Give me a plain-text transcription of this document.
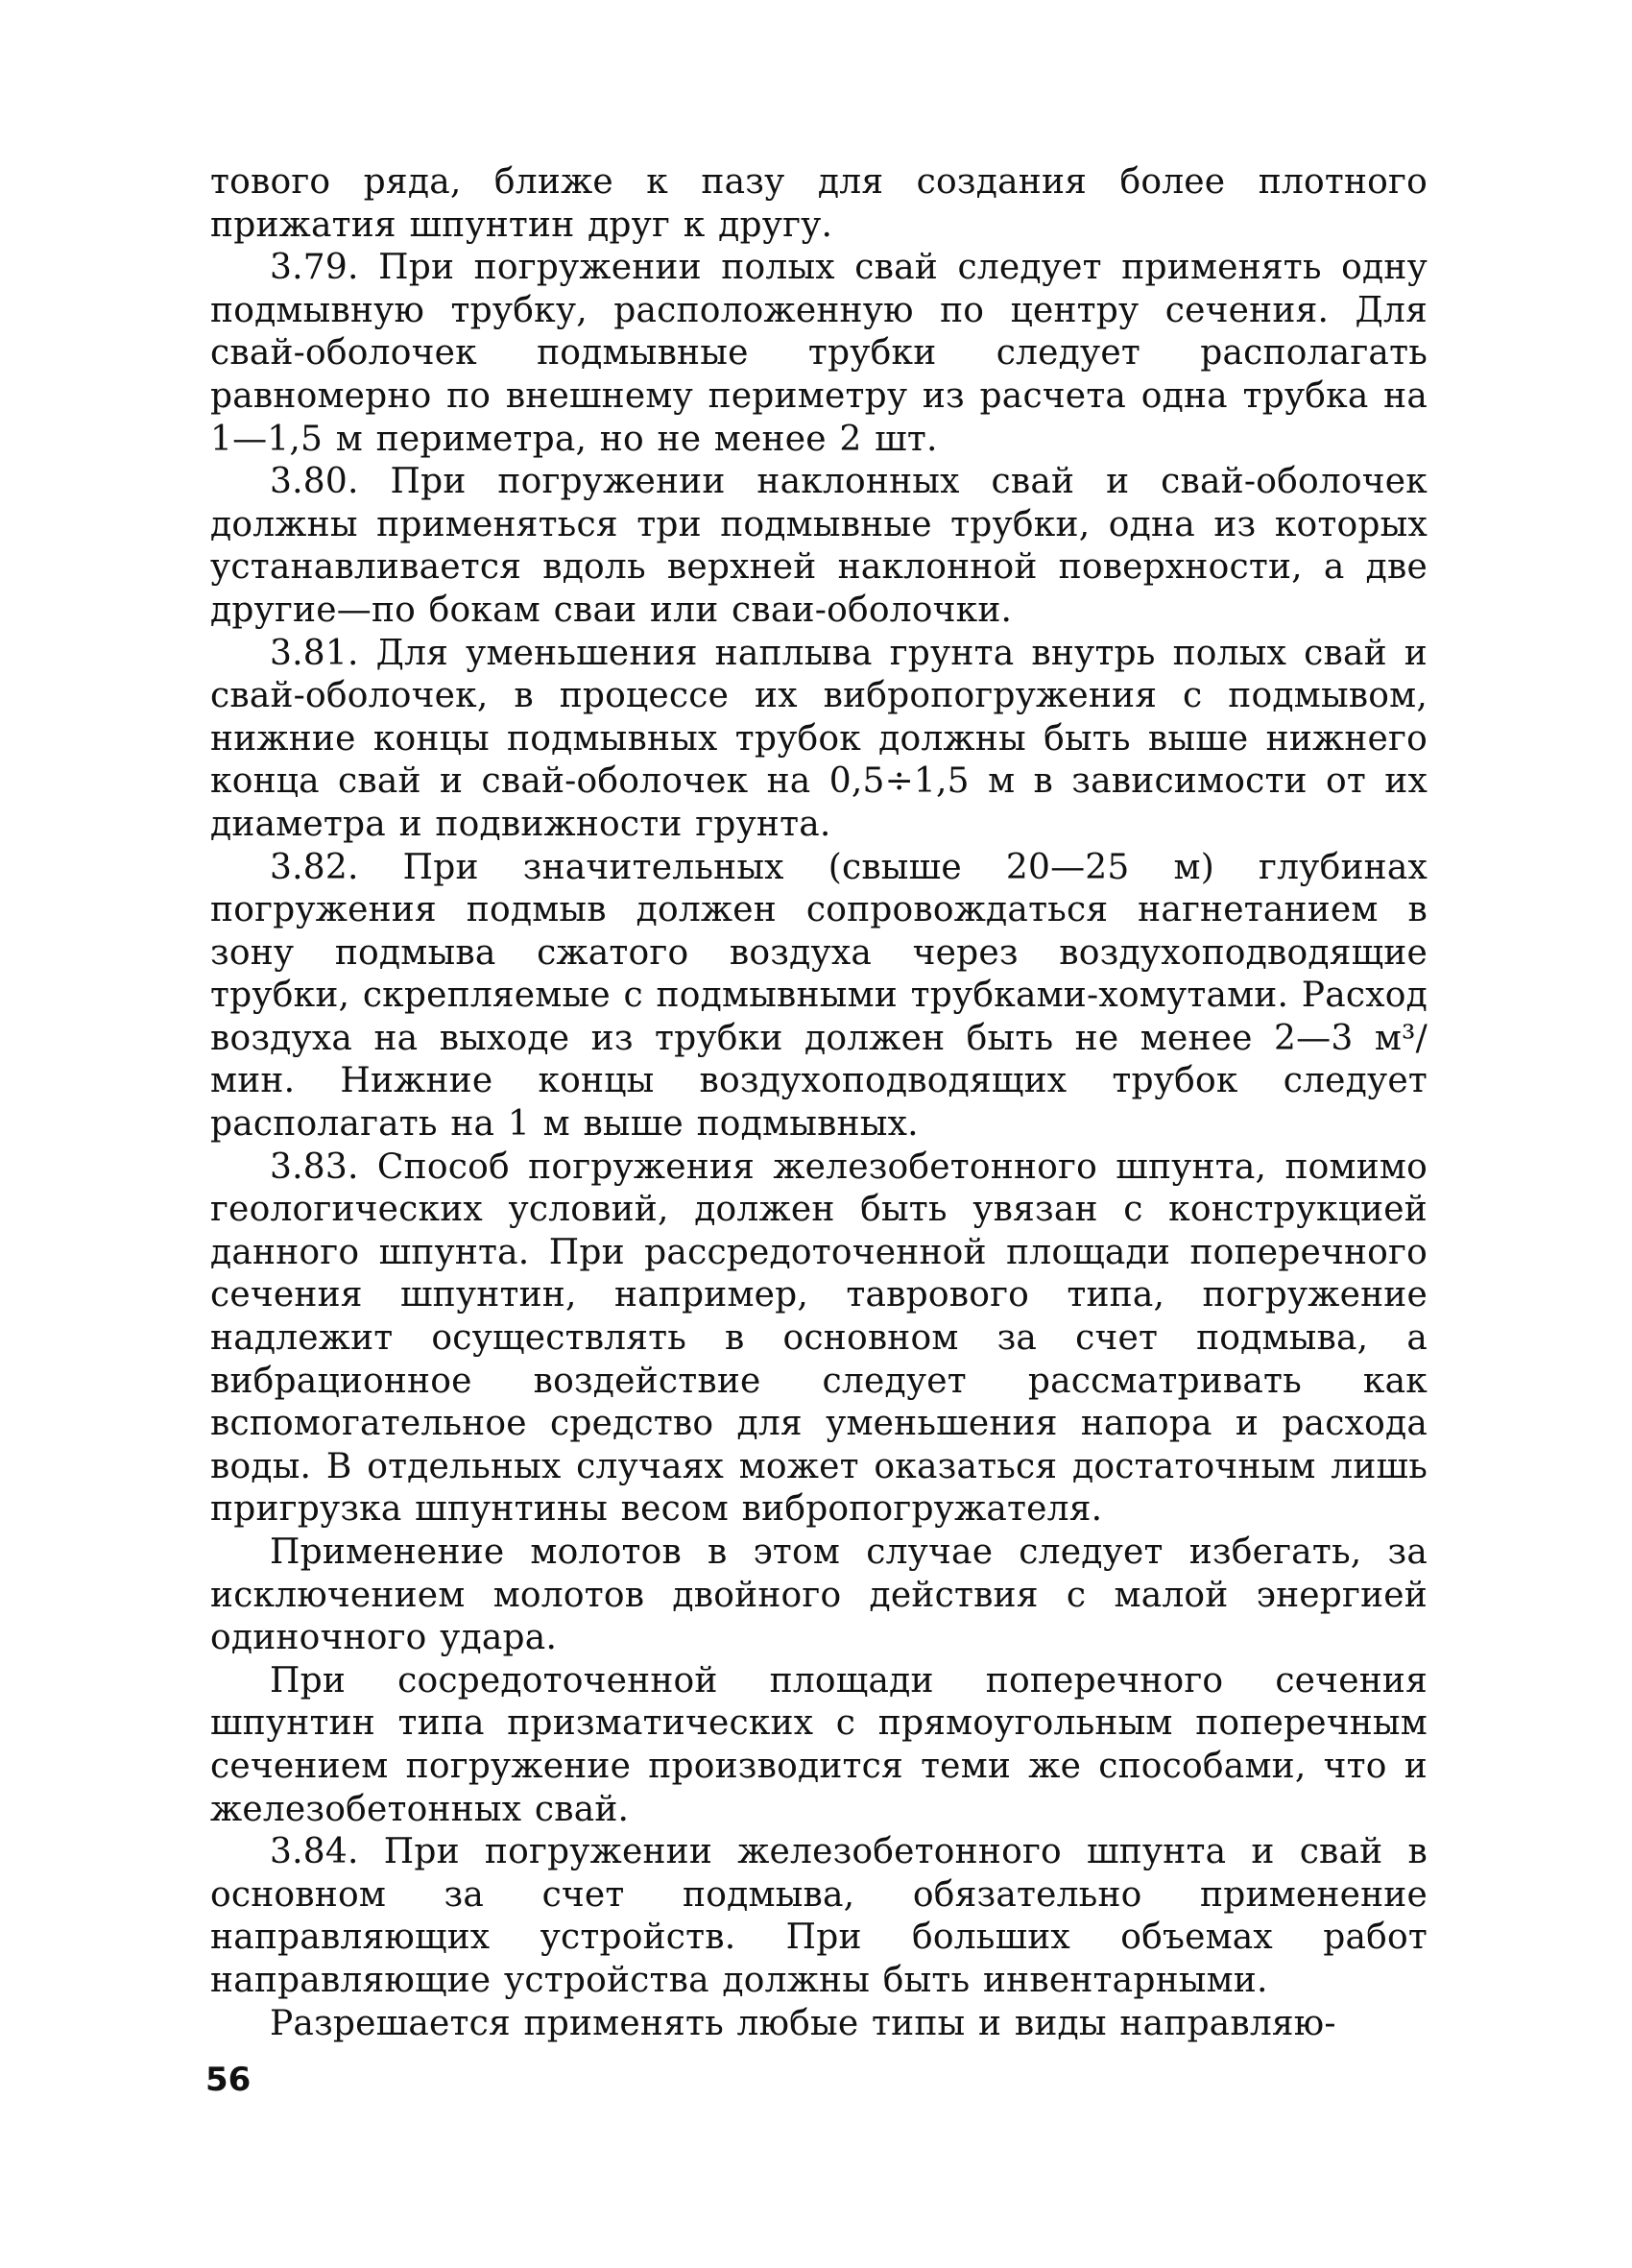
тового ряда, ближе к пазу для создания более плотного прижатия шпунтин друг к другу.

3.79. При погружении полых свай следует применять одну подмывную трубку, расположенную по центру сечения. Для свай-оболочек подмывные трубки следует располагать равномерно по внешнему периметру из расчета одна трубка на 1—1,5 м периметра, но не менее 2 шт.

3.80. При погружении наклонных свай и свай-оболочек должны применяться три подмывные трубки, одна из которых устанавливается вдоль верхней наклонной поверхности, а две другие—по бокам сваи или сваи-оболочки.

3.81. Для уменьшения наплыва грунта внутрь полых свай и свай-оболочек, в процессе их вибропогружения с подмывом, нижние концы подмывных трубок должны быть выше нижнего конца свай и свай-оболочек на 0,5÷1,5 м в зависимости от их диаметра и подвижности грунта.

3.82. При значительных (свыше 20—25 м) глубинах погружения подмыв должен сопровождаться нагнетанием в зону подмыва сжатого воздуха через воздухоподводящие трубки, скрепляемые с подмывными трубками-хомутами. Расход воздуха на выходе из трубки должен быть не менее 2—3 м³/мин. Нижние концы воздухоподводящих трубок следует располагать на 1 м выше подмывных.

3.83. Способ погружения железобетонного шпунта, помимо геологических условий, должен быть увязан с конструкцией данного шпунта. При рассредоточенной площади поперечного сечения шпунтин, например, таврового типа, погружение надлежит осуществлять в основном за счет подмыва, а вибрационное воздействие следует рассматривать как вспомогательное средство для уменьшения напора и расхода воды. В отдельных случаях может оказаться достаточным лишь пригрузка шпунтины весом вибропогружателя.

Применение молотов в этом случае следует избегать, за исключением молотов двойного действия с малой энергией одиночного удара.

При сосредоточенной площади поперечного сечения шпунтин типа призматических с прямоугольным поперечным сечением погружение производится теми же способами, что и железобетонных свай.

3.84. При погружении железобетонного шпунта и свай в основном за счет подмыва, обязательно применение направляющих устройств. При больших объемах работ направляющие устройства должны быть инвентарными.

Разрешается применять любые типы и виды направляю-

56
